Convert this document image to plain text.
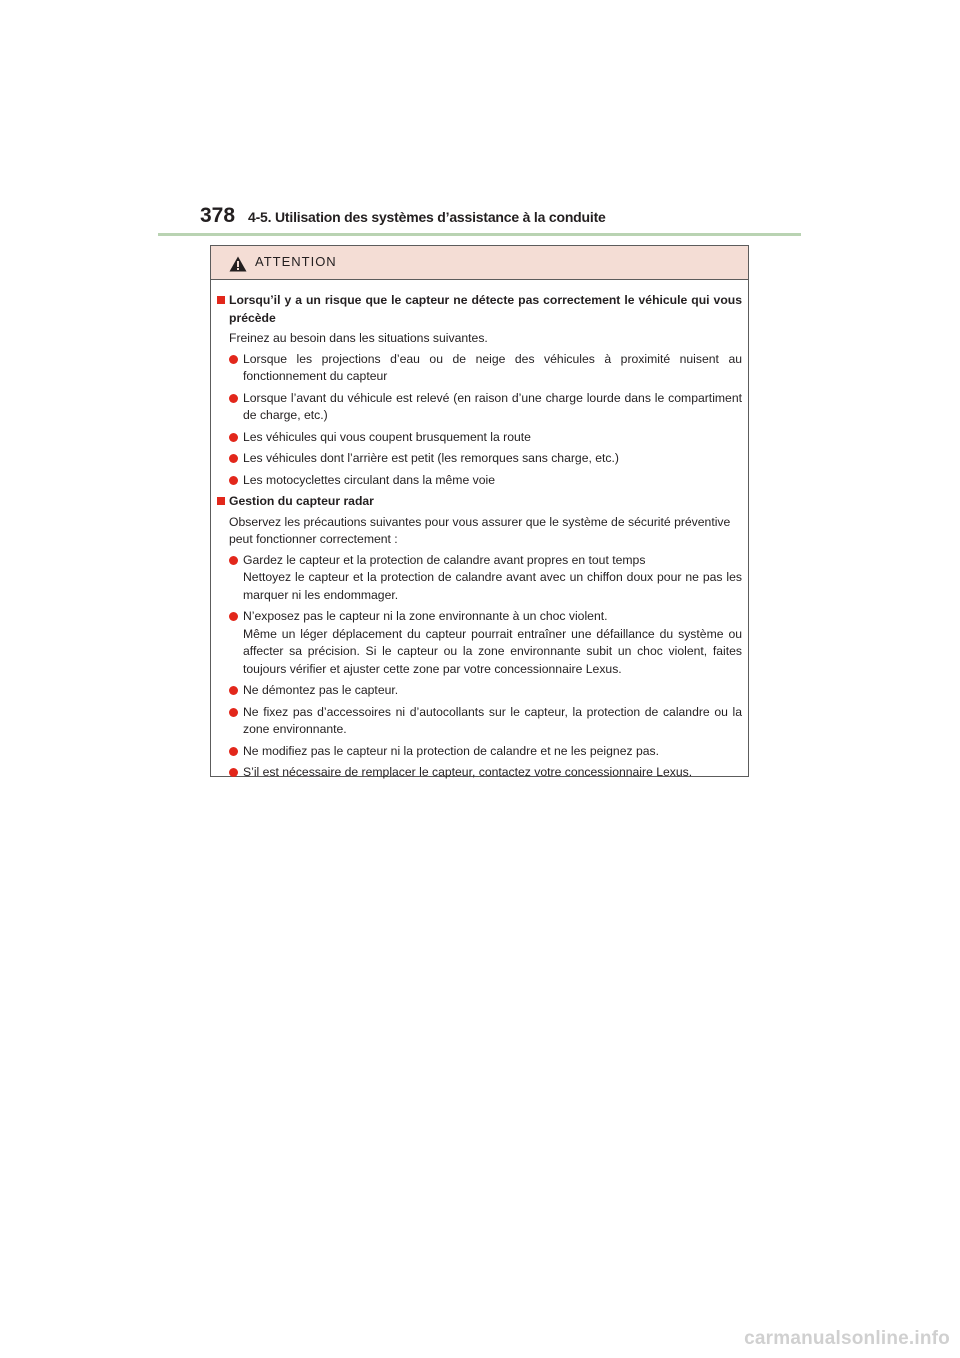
378 4-5. Utilisation des systèmes d’assistance à la conduite
ATTENTION
Lorsqu’il y a un risque que le capteur ne détecte pas correctement le véhicule qui vous précède
Freinez au besoin dans les situations suivantes.
Lorsque les projections d’eau ou de neige des véhicules à proximité nuisent au fonctionnement du capteur
Lorsque l’avant du véhicule est relevé (en raison d’une charge lourde dans le compartiment de charge, etc.)
Les véhicules qui vous coupent brusquement la route
Les véhicules dont l’arrière est petit (les remorques sans charge, etc.)
Les motocyclettes circulant dans la même voie
Gestion du capteur radar
Observez les précautions suivantes pour vous assurer que le système de sécurité préventive peut fonctionner correctement :
Gardez le capteur et la protection de calandre avant propres en tout temps
Nettoyez le capteur et la protection de calandre avant avec un chiffon doux pour ne pas les marquer ni les endommager.
N’exposez pas le capteur ni la zone environnante à un choc violent.
Même un léger déplacement du capteur pourrait entraîner une défaillance du système ou affecter sa précision. Si le capteur ou la zone environnante subit un choc violent, faites toujours vérifier et ajuster cette zone par votre concessionnaire Lexus.
Ne démontez pas le capteur.
Ne fixez pas d’accessoires ni d’autocollants sur le capteur, la protection de calandre ou la zone environnante.
Ne modifiez pas le capteur ni la protection de calandre et ne les peignez pas.
S’il est nécessaire de remplacer le capteur, contactez votre concessionnaire Lexus.
carmanualsonline.info
